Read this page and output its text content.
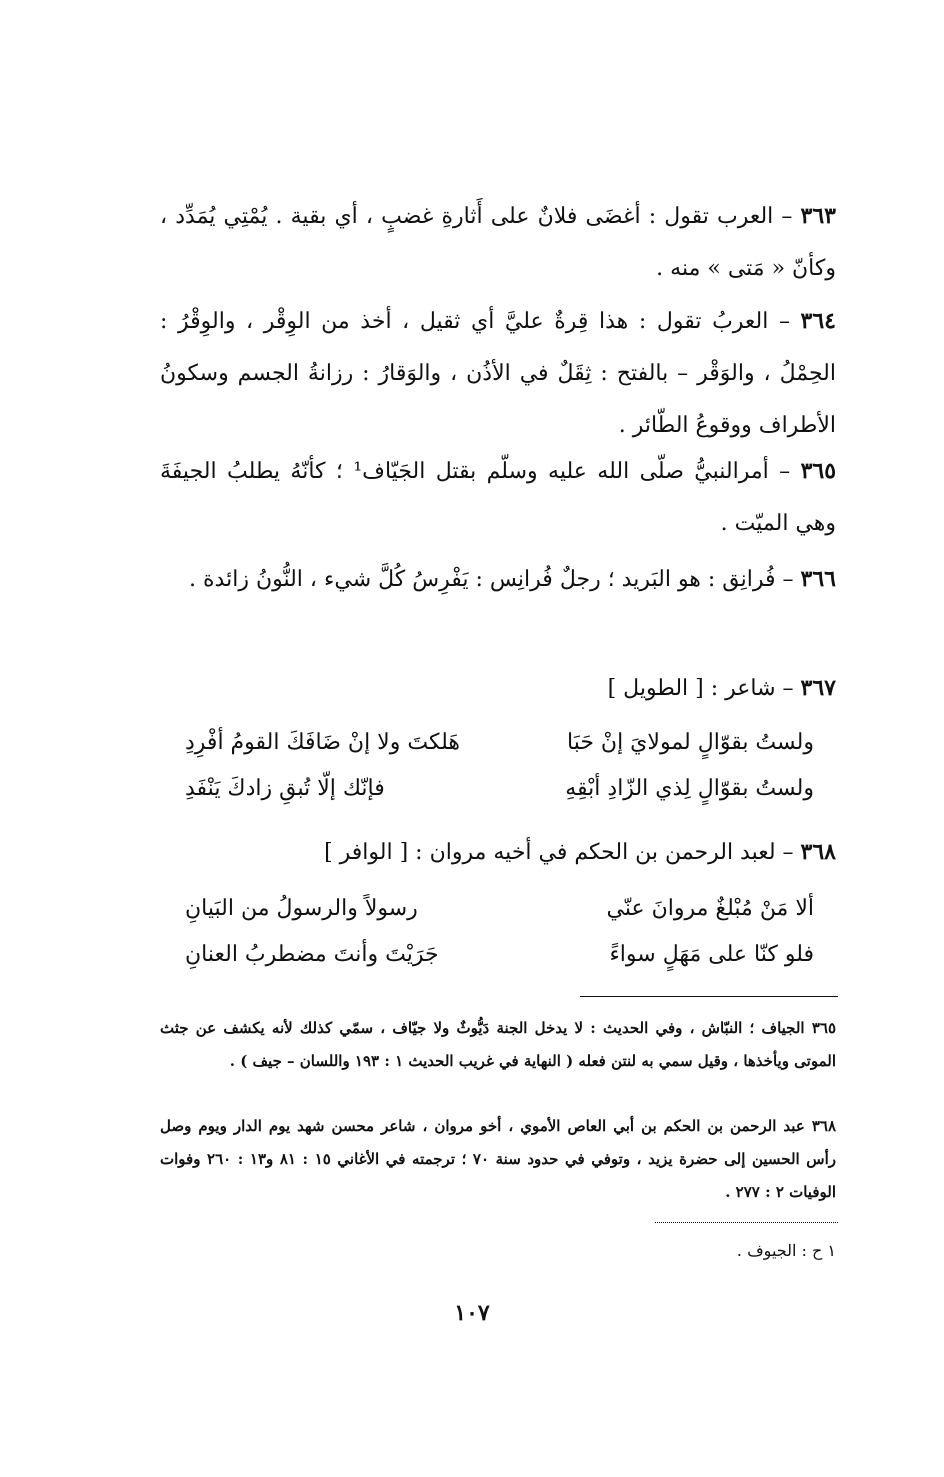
٣٦٣ – العرب تقول : أغضَى فلانٌ على أَثارةِ غضبٍ ، أي بقية . يُمْتِي يُمَدِّد ، وكأنّ « مَتى » منه .
٣٦٤ – العربُ تقول : هذا قِرةٌ عليَّ أي ثقيل ، أخذ من الوِقْر ، والوِقْرُ : الحِمْلُ ، والوَقْر – بالفتح : ثِقَلٌ في الأذُن ، والوَقارُ : رزانةُ الجسم وسكونُ الأطراف ووقوعُ الطّائر .
٣٦٥ – أمرالنبيُّ صلّى الله عليه وسلّم بقتل الجَيّاف¹ ؛ كأنّهُ يطلبُ الجيفَةَ وهي الميّت .
٣٦٦ – فُرانِق : هو البَريد ؛ رجلٌ فُرانِس : يَفْرِسُ كُلَّ شيء ، النُّونُ زائدة .
٣٦٧ – شاعر : [ الطويل ]
ولستُ بقوّالٍ لمولايَ إنْ حَبَا
هَلكتَ ولا إنْ ضَافَكَ القومُ أفْرِدِ
ولستُ بقوّالٍ لِذي الزّادِ أبْقِهِ
فإنّك إلّا تُبقِ زادكَ يَنْفَدِ
٣٦٨ – لعبد الرحمن بن الحكم في أخيه مروان : [ الوافر ]
ألا مَنْ مُبْلغٌ مروانَ عنّي
رسولاً والرسولُ من البَيانِ
فلو كنّا على مَهَلٍ سواءً
جَرَيْتَ وأنتَ مضطربُ العنانِ
٣٦٥ الجياف ؛ النبّاش ، وفي الحديث : لا يدخل الجنة دَيُّوثٌ ولا جيّاف ، سمّي كذلك لأنه يكشف عن جثث الموتى ويأخذها ، وقيل سمي به لنتن فعله ( النهاية في غريب الحديث ١ : ١٩٣ واللسان – جيف ) .
٣٦٨ عبد الرحمن بن الحكم بن أبي العاص الأموي ، أخو مروان ، شاعر محسن شهد يوم الدار ويوم وصل رأس الحسين إلى حضرة يزيد ، وتوفي في حدود سنة ٧٠ ؛ ترجمته في الأغاني ١٥ : ٨١ و١٣ : ٢٦٠ وفوات الوفيات ٢ : ٢٧٧ .
١ ح : الجيوف .
١٠٧
